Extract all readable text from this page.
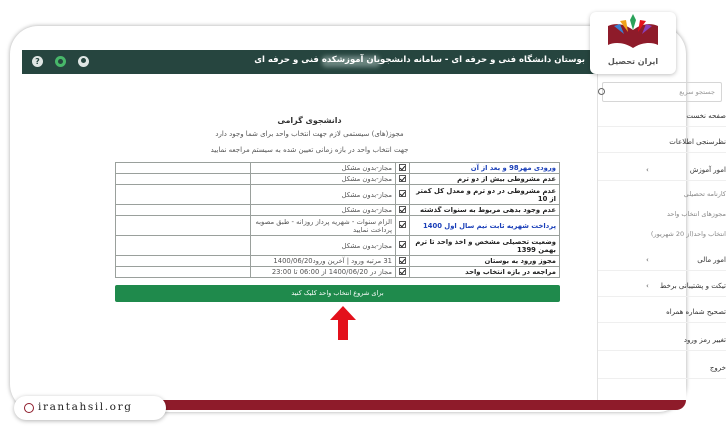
?	بوستان دانشگاه فنی و حرفه ای - سامانه دانشجویان آموزشکده فنی و حرفه ای
دانشجوی گرامی
مجوز(های) سیستمی لازم جهت انتخاب واحد برای شما وجود دارد
جهت انتخاب واحد در بازه زمانی تعیین شده به سیستم مراجعه نمایید
ورودی مهر98 و بعد از آن		مجاز-بدون مشکل	
عدم مشروطی بیش از دو ترم		مجاز-بدون مشکل	
عدم مشروطی در دو ترم و معدل کل کمتر از 10		مجاز-بدون مشکل	
عدم وجود بدهی مربوط به سنوات گذشته		مجاز-بدون مشکل	
پرداخت شهریه ثابت نیم سال اول 1400		الزام سنوات - شهریه پرداز روزانه - طبق مصوبه پرداخت نمایید	
وضعیت تحصیلی مشخص و اخذ واحد تا ترم بهمن 1399		مجاز-بدون مشکل	
مجوز ورود به بوستان		31 مرتبه ورود | آخرین ورود1400/06/20	
مراجعه در بازه انتخاب واحد		مجاز در 1400/06/20 از 06:00 تا 23:00	
برای شروع انتخاب واحد کلیک کنید
جستجو سریع
صفحه نخست
نظرسنجی اطلاعات
امور آموزش
›
کارنامه تحصیلی
مجوزهای انتخاب واحد
انتخاب واحد(از 20 شهریور)
امور مالی
›
تیکت و پشتیبانی برخط
›
تصحیح شماره همراه
تغییر رمز ورود
خروج
ایران تحصیل
irantahsil.org
